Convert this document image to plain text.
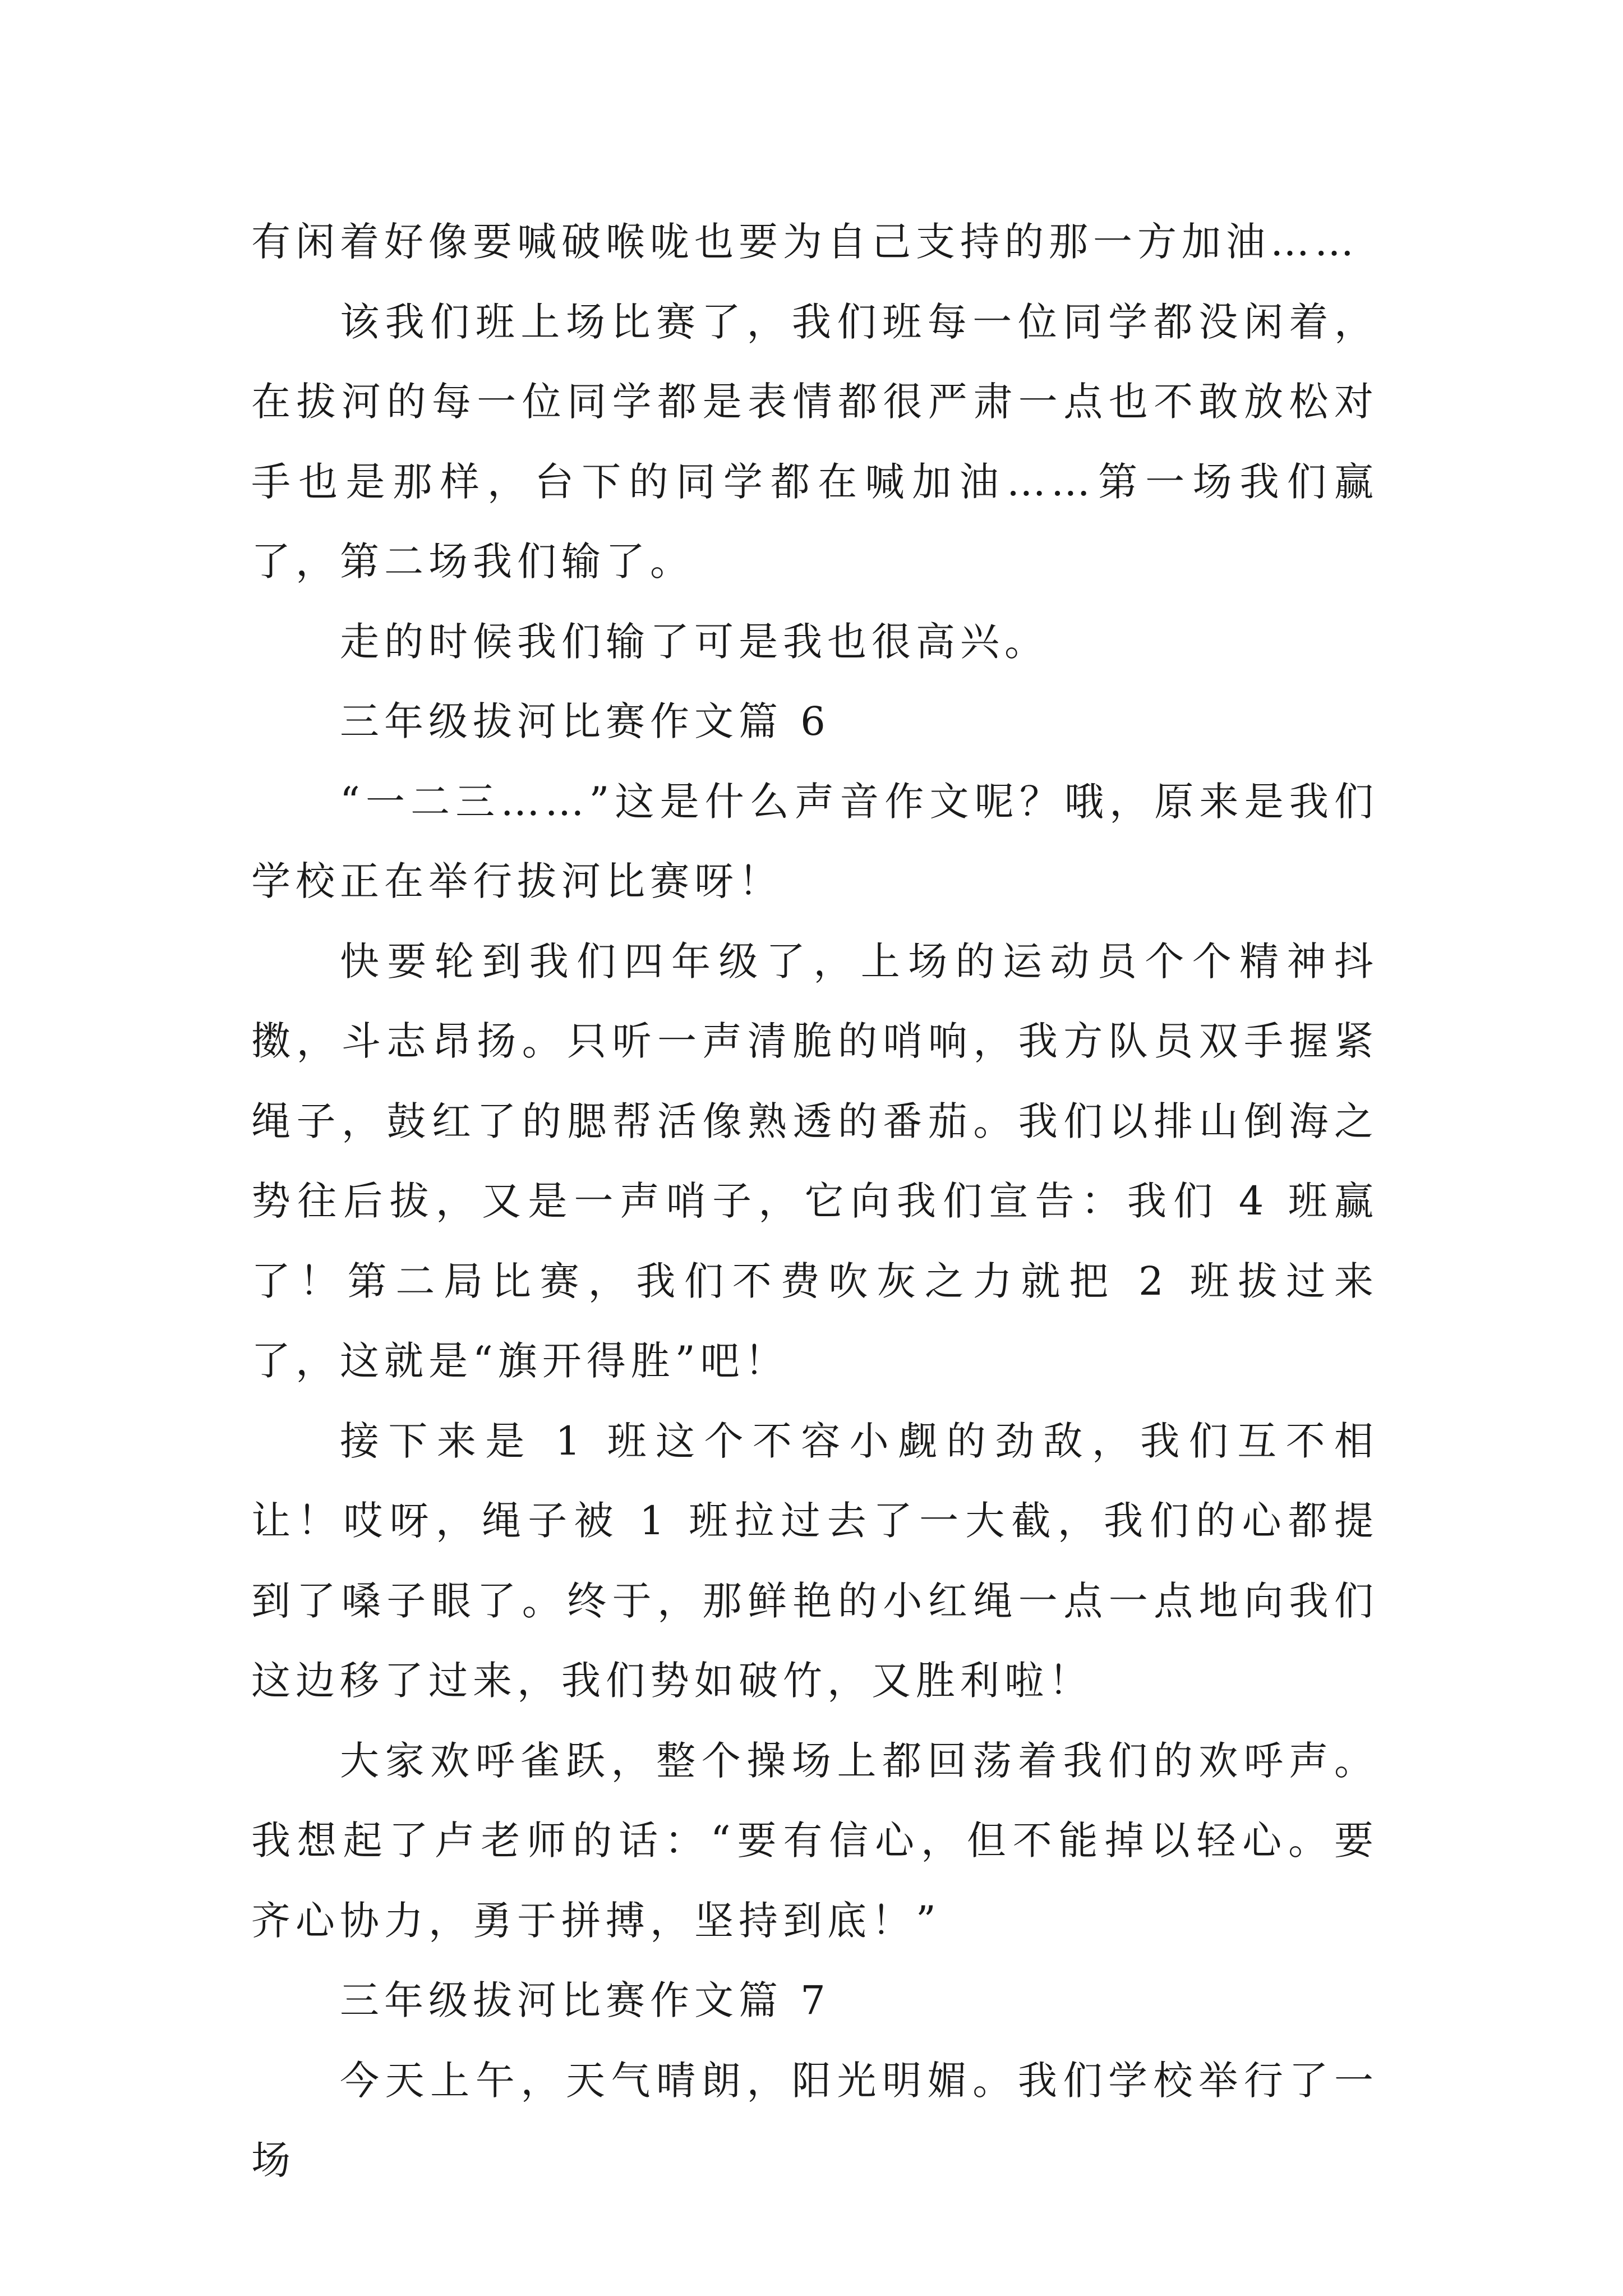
有闲着好像要喊破喉咙也要为自己支持的那一方加油……

该我们班上场比赛了，我们班每一位同学都没闲着，在拔河的每一位同学都是表情都很严肃一点也不敢放松对手也是那样，台下的同学都在喊加油……第一场我们赢了，第二场我们输了。

走的时候我们输了可是我也很高兴。

三年级拔河比赛作文篇 6

“一二三……”这是什么声音作文呢？哦，原来是我们学校正在举行拔河比赛呀！

快要轮到我们四年级了，上场的运动员个个精神抖擞，斗志昂扬。只听一声清脆的哨响，我方队员双手握紧绳子，鼓红了的腮帮活像熟透的番茄。我们以排山倒海之势往后拔，又是一声哨子，它向我们宣告：我们 4 班赢了！第二局比赛，我们不费吹灰之力就把 2 班拔过来了，这就是“旗开得胜”吧！

接下来是 1 班这个不容小觑的劲敌，我们互不相让！哎呀，绳子被 1 班拉过去了一大截，我们的心都提到了嗓子眼了。终于，那鲜艳的小红绳一点一点地向我们这边移了过来，我们势如破竹，又胜利啦！

大家欢呼雀跃，整个操场上都回荡着我们的欢呼声。我想起了卢老师的话：“要有信心，但不能掉以轻心。要齐心协力，勇于拼搏，坚持到底！”

三年级拔河比赛作文篇 7

今天上午，天气晴朗，阳光明媚。我们学校举行了一场
